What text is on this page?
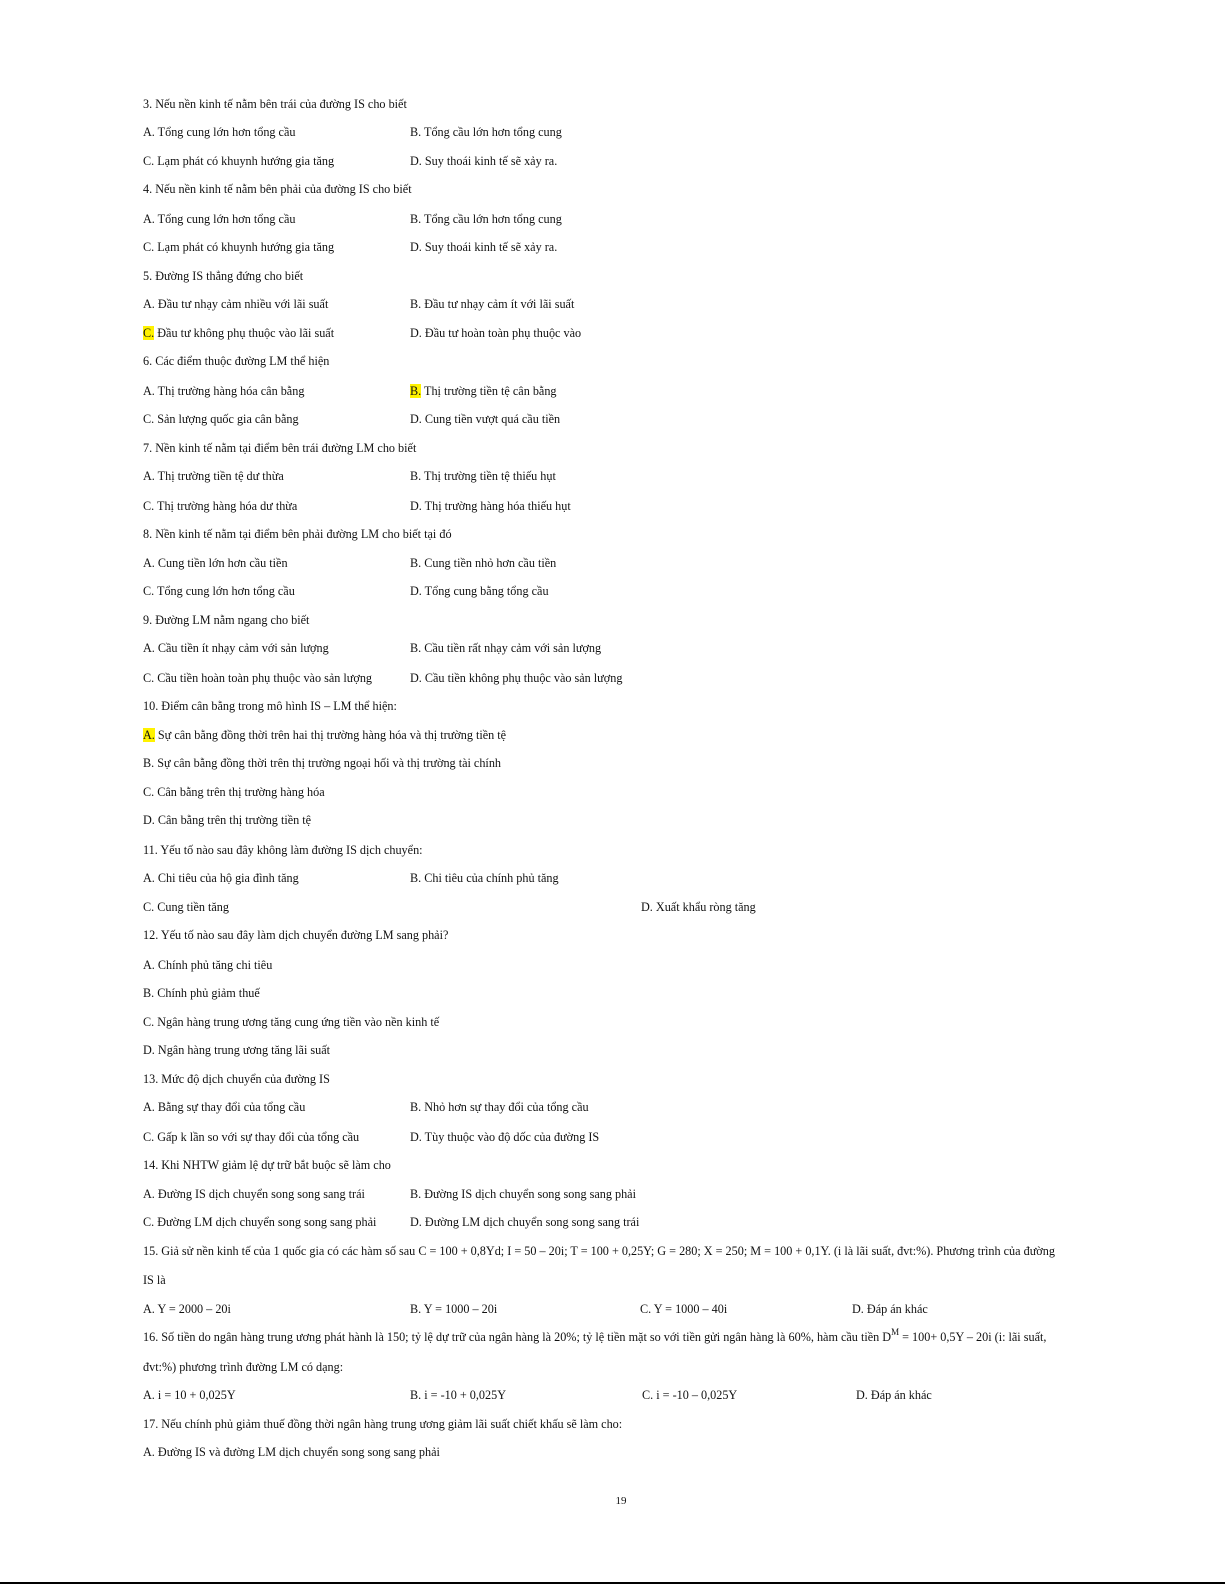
3. Nếu nền kinh tế nằm bên trái của đường IS cho biết
A. Tổng cung lớn hơn tổng cầu	B. Tổng cầu lớn hơn tổng cung
C. Lạm phát có khuynh hướng gia tăng	D. Suy thoái kinh tế sẽ xảy ra.
4. Nếu nền kinh tế nằm bên phải của đường IS cho biết
A. Tổng cung lớn hơn tổng cầu	B. Tổng cầu lớn hơn tổng cung
C. Lạm phát có khuynh hướng gia tăng	D. Suy thoái kinh tế sẽ xảy ra.
5. Đường IS thẳng đứng cho biết
A. Đầu tư nhạy cảm nhiều với lãi suất	B. Đầu tư nhạy cảm ít với lãi suất
C. Đầu tư không phụ thuộc vào lãi suất	D. Đầu tư hoàn toàn phụ thuộc vào
6. Các điểm thuộc đường LM thể hiện
A. Thị trường hàng hóa cân bằng	B. Thị trường tiền tệ cân bằng
C. Sản lượng quốc gia cân bằng	D. Cung tiền vượt quá cầu tiền
7. Nền kinh tế nằm tại điểm bên trái đường LM cho biết
A. Thị trường tiền tệ dư thừa	B. Thị trường tiền tệ thiếu hụt
C. Thị trường hàng hóa dư thừa	D. Thị trường hàng hóa thiếu hụt
8. Nền kinh tế nằm tại điểm bên phải đường LM cho biết tại đó
A. Cung tiền lớn hơn cầu tiền	B. Cung tiền nhỏ hơn cầu tiền
C. Tổng cung lớn hơn tổng cầu	D. Tổng cung bằng tổng cầu
9. Đường LM nằm ngang cho biết
A. Cầu tiền ít nhạy cảm với sản lượng	B. Cầu tiền rất nhạy cảm với sản lượng
C. Cầu tiền hoàn toàn phụ thuộc vào sản lượng	D. Cầu tiền không phụ thuộc vào sản lượng
10. Điểm cân bằng trong mô hình IS – LM thể hiện:
A. Sự cân bằng đồng thời trên hai thị trường hàng hóa và thị trường tiền tệ
B. Sự cân bằng đồng thời trên thị trường ngoại hối và thị trường tài chính
C. Cân bằng trên thị trường hàng hóa
D. Cân bằng trên thị trường tiền tệ
11. Yếu tố nào sau đây không làm đường IS dịch chuyển:
A. Chi tiêu của hộ gia đình tăng	B. Chi tiêu của chính phủ tăng
C. Cung tiền tăng	D. Xuất khẩu ròng tăng
12. Yếu tố nào sau đây làm dịch chuyển đường LM sang phải?
A. Chính phủ tăng chi tiêu
B. Chính phủ giảm thuế
C. Ngân hàng trung ương tăng cung ứng tiền vào nền kinh tế
D. Ngân hàng trung ương tăng lãi suất
13. Mức độ dịch chuyển của đường IS
A. Bằng sự thay đổi của tổng cầu	B. Nhỏ hơn sự thay đổi của tổng cầu
C. Gấp k lần so với sự thay đổi của tổng cầu	D. Tùy thuộc vào độ dốc của đường IS
14. Khi NHTW giảm lệ dự trữ bắt buộc sẽ làm cho
A. Đường IS dịch chuyển song song sang trái	B. Đường IS dịch chuyển song song sang phải
C. Đường LM dịch chuyển song song sang phải	D. Đường LM dịch chuyển song song sang trái
15. Giả sử nền kinh tế của 1 quốc gia có các hàm số sau C = 100 + 0,8Yd; I = 50 – 20i; T = 100 + 0,25Y; G = 280; X = 250; M = 100 + 0,1Y. (i là lãi suất, đvt:%). Phương trình của đường
IS là
A. Y = 2000 – 20i	B. Y = 1000 – 20i	C. Y = 1000 – 40i	D. Đáp án khác
16. Số tiền do ngân hàng trung ương phát hành là 150; tỷ lệ dự trữ của ngân hàng là 20%; tỷ lệ tiền mặt so với tiền gửi ngân hàng là 60%, hàm cầu tiền $D^M = 100+ 0,5Y - 20i$ (i: lãi suất,
đvt:%) phương trình đường LM có dạng:
A. i = 10 + 0,025Y	B. i = -10 + 0,025Y	C. i = -10 – 0,025Y	D. Đáp án khác
17. Nếu chính phủ giảm thuế đồng thời ngân hàng trung ương giảm lãi suất chiết khấu sẽ làm cho:
A. Đường IS và đường LM dịch chuyển song song sang phải
19
